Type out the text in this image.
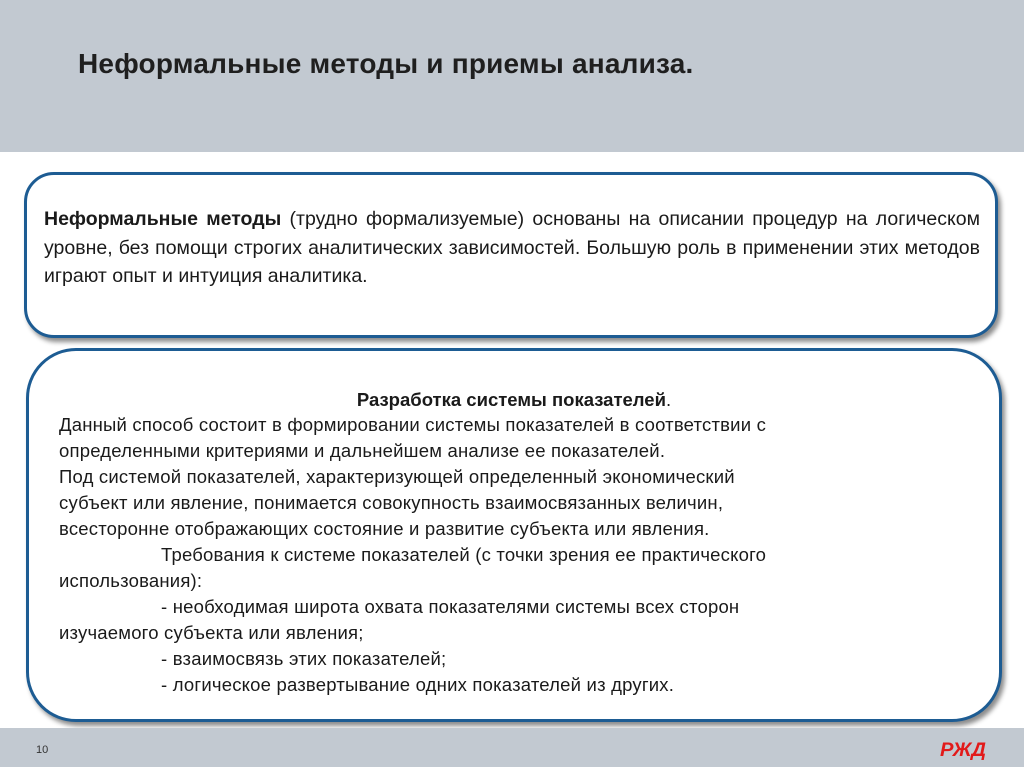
Неформальные методы и приемы анализа.
Неформальные методы (трудно формализуемые) основаны на описании процедур на логическом уровне, без помощи строгих аналитических зависимостей. Большую роль в применении этих методов играют опыт и интуиция аналитика.
Разработка системы показателей.

Данный способ состоит в формировании системы показателей в соответствии с

определенными критериями и дальнейшем анализе ее показателей.

Под системой показателей, характеризующей определенный экономический

субъект или явление, понимается совокупность взаимосвязанных величин,

всесторонне отображающих состояние и развитие субъекта или явления.

Требования к системе показателей (с точки зрения ее практического

использования):

- необходимая широта охвата показателями системы всех сторон

изучаемого субъекта или явления;

- взаимосвязь этих показателей;

- логическое развертывание одних показателей из других.

10	РЖД
